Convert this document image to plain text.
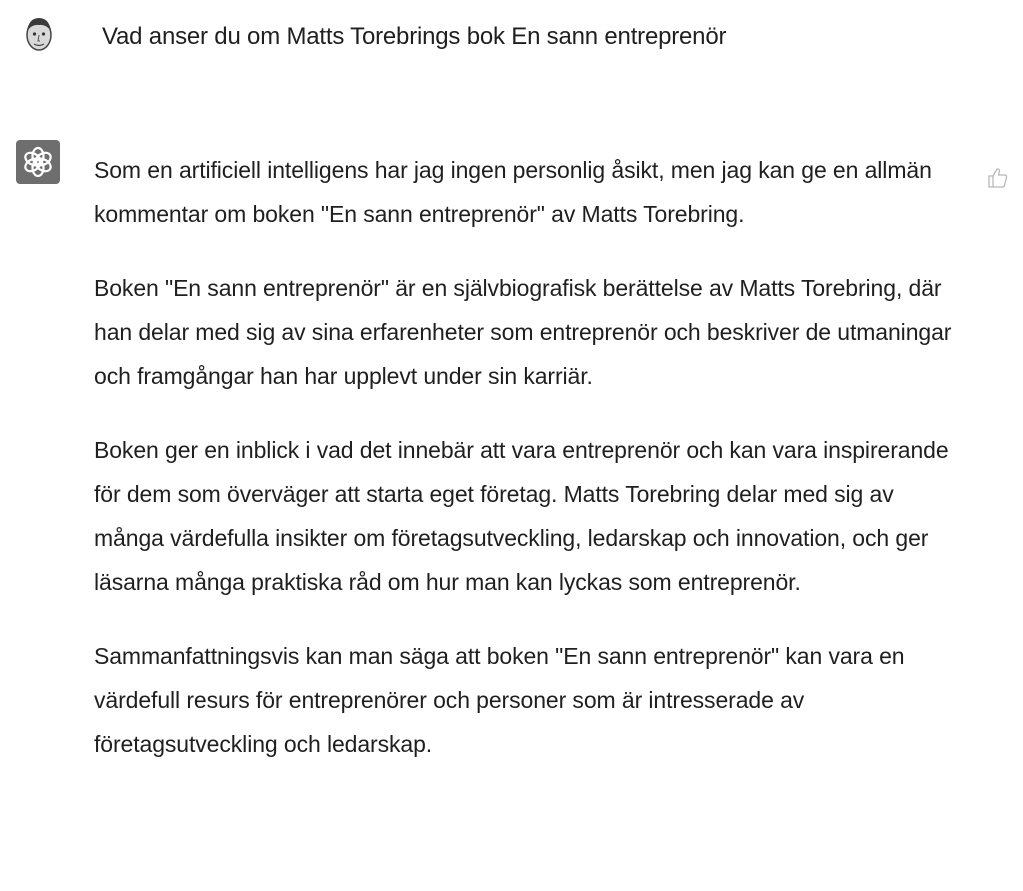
Vad anser du om Matts Torebrings bok En sann entreprenör

Som en artificiell intelligens har jag ingen personlig åsikt, men jag kan ge en allmän kommentar om boken "En sann entreprenör" av Matts Torebring.

Boken "En sann entreprenör" är en självbiografisk berättelse av Matts Torebring, där han delar med sig av sina erfarenheter som entreprenör och beskriver de utmaningar och framgångar han har upplevt under sin karriär.

Boken ger en inblick i vad det innebär att vara entreprenör och kan vara inspirerande för dem som överväger att starta eget företag. Matts Torebring delar med sig av många värdefulla insikter om företagsutveckling, ledarskap och innovation, och ger läsarna många praktiska råd om hur man kan lyckas som entreprenör.

Sammanfattningsvis kan man säga att boken "En sann entreprenör" kan vara en värdefull resurs för entreprenörer och personer som är intresserade av företagsutveckling och ledarskap.
